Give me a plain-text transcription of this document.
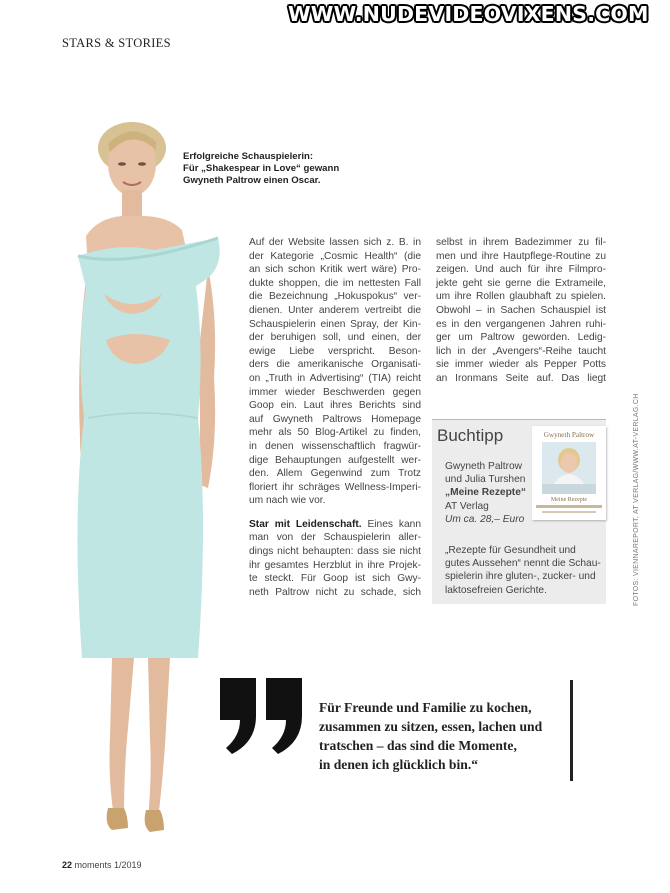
WWW.NUDEVIDEOVIXENS.COM
STARS & STORIES
Erfolgreiche Schauspielerin:
Für „Shakespear in Love“ gewann
Gwyneth Paltrow einen Oscar.
Auf der Website lassen sich z. B. in
der Kategorie „Cosmic Health“ (die
an sich schon Kritik wert wäre) Pro-
dukte shoppen, die im nettesten Fall
die Bezeichnung „Hokuspokus“ ver-
dienen. Unter anderem vertreibt die
Schauspielerin einen Spray, der Kin-
der beruhigen soll, und einen, der
ewige Liebe verspricht. Beson-
ders die amerikanische Organisati-
on „Truth in Advertising“ (TIA) reicht
immer wieder Beschwerden gegen
Goop ein. Laut ihres Berichts sind
auf Gwyneth Paltrows Homepage
mehr als 50 Blog-Artikel zu finden,
in denen wissenschaftlich fragwür-
dige Behauptungen aufgestellt wer-
den. Allem Gegenwind zum Trotz
floriert ihr schräges Wellness-Imperi-
um nach wie vor.
Star mit Leidenschaft. Eines kann
man von der Schauspielerin aller-
dings nicht behaupten: dass sie nicht
ihr gesamtes Herzblut in ihre Projek-
te steckt. Für Goop ist sich Gwy-
neth Paltrow nicht zu schade, sich
selbst in ihrem Badezimmer zu fil-
men und ihre Hautpflege-Routine zu
zeigen. Und auch für ihre Filmpro-
jekte geht sie gerne die Extrameile,
um ihre Rollen glaubhaft zu spielen.
Obwohl – in Sachen Schauspiel ist
es in den vergangenen Jahren ruhi-
ger um Paltrow geworden. Ledig-
lich in der „Avengers“-Reihe taucht
sie immer wieder als Pepper Potts
an Ironmans Seite auf. Das liegt
Buchtipp	Gwyneth Paltrow
Meine Rezepte
Gwyneth Paltrow
und Julia Turshen
„Meine Rezepte“
AT Verlag
Um ca. 28,– Euro
„Rezepte für Gesundheit und
gutes Aussehen“ nennt die Schau-
spielerin ihre gluten-, zucker- und
laktosefreien Gerichte.	FOTOS: VIENNAREPORT, AT VERLAG/WWW.AT-VERLAG.CH
Für Freunde und Familie zu kochen,
zusammen zu sitzen, essen, lachen und
tratschen – das sind die Momente,
in denen ich glücklich bin.“
22 moments 1/2019
